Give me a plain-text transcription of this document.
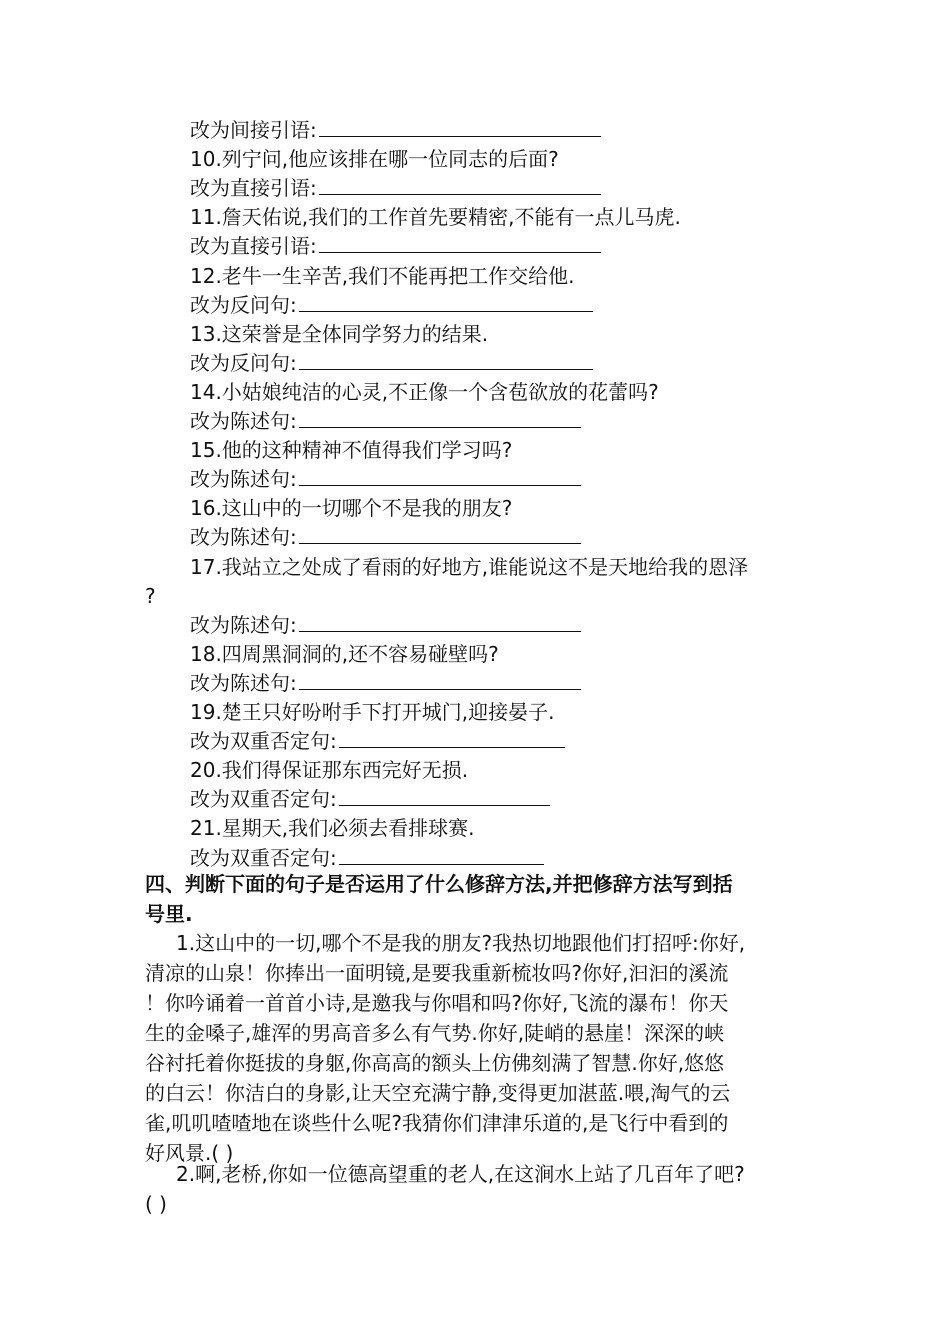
改为间接引语:
10.列宁问,他应该排在哪一位同志的后面?
改为直接引语:
11.詹天佑说,我们的工作首先要精密,不能有一点儿马虎.
改为直接引语:
12.老牛一生辛苦,我们不能再把工作交给他.
改为反问句:
13.这荣誉是全体同学努力的结果.
改为反问句:
14.小姑娘纯洁的心灵,不正像一个含苞欲放的花蕾吗?
改为陈述句:
15.他的这种精神不值得我们学习吗?
改为陈述句:
16.这山中的一切哪个不是我的朋友?
改为陈述句:
17.我站立之处成了看雨的好地方,谁能说这不是天地给我的恩泽
?
改为陈述句:
18.四周黑洞洞的,还不容易碰壁吗?
改为陈述句:
19.楚王只好吩咐手下打开城门,迎接晏子.
改为双重否定句:
20.我们得保证那东西完好无损.
改为双重否定句:
21.星期天,我们必须去看排球赛.
改为双重否定句:
四、判断下面的句子是否运用了什么修辞方法,并把修辞方法写到括
号里.
1.这山中的一切,哪个不是我的朋友?我热切地跟他们打招呼:你好,
清凉的山泉！你捧出一面明镜,是要我重新梳妆吗?你好,汩汩的溪流
！你吟诵着一首首小诗,是邀我与你唱和吗?你好,飞流的瀑布！你天
生的金嗓子,雄浑的男高音多么有气势.你好,陡峭的悬崖！深深的峡
谷衬托着你挺拔的身躯,你高高的额头上仿佛刻满了智慧.你好,悠悠
的白云！你洁白的身影,让天空充满宁静,变得更加湛蓝.喂,淘气的云
雀,叽叽喳喳地在谈些什么呢?我猜你们津津乐道的,是飞行中看到的
好风景.( )
2.啊,老桥,你如一位德高望重的老人,在这涧水上站了几百年了吧?
( )
